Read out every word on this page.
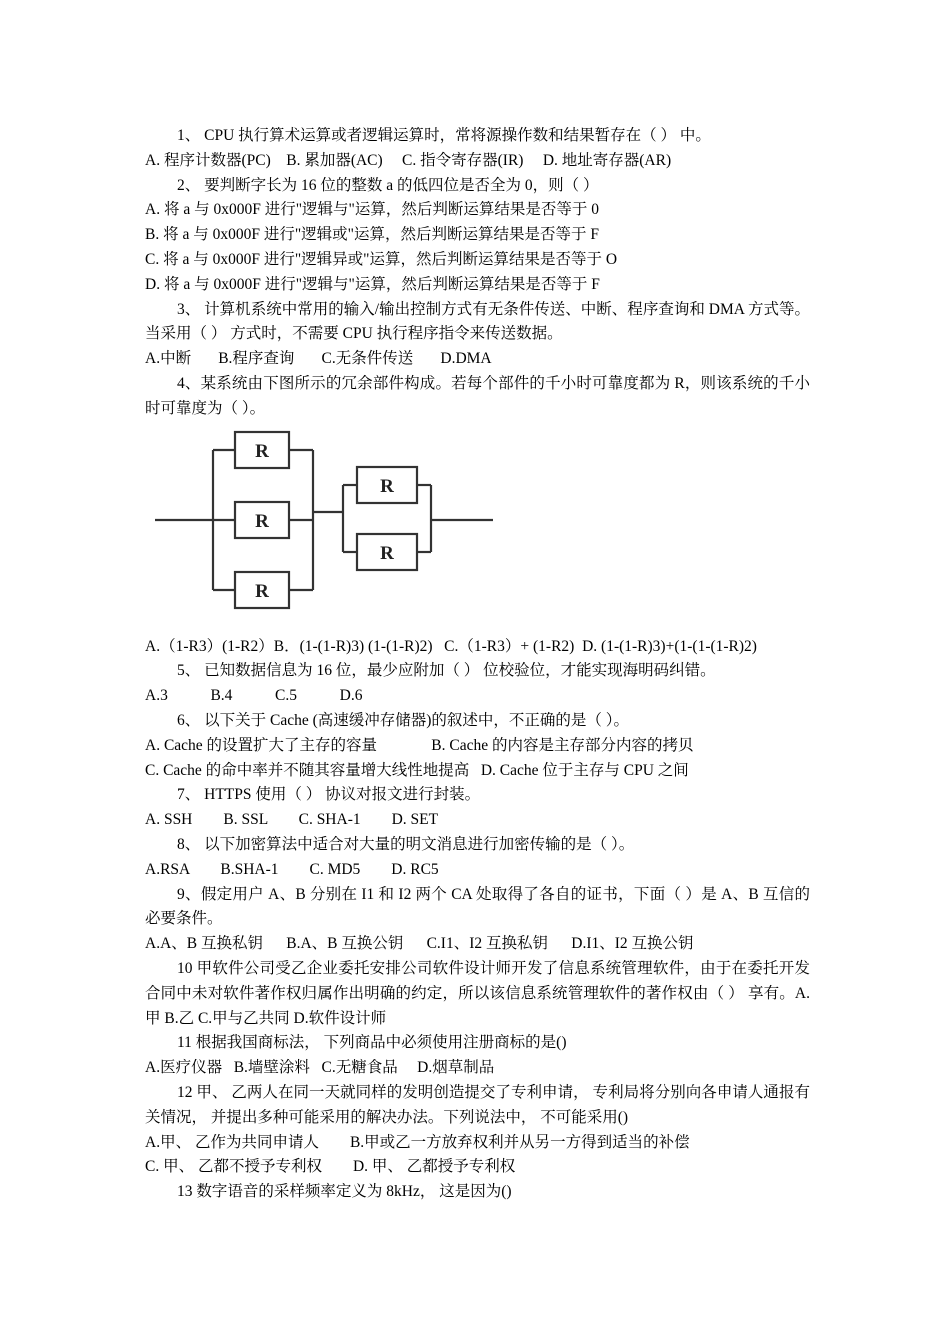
1、 CPU 执行算术运算或者逻辑运算时，常将源操作数和结果暂存在（ ） 中。
A. 程序计数器(PC)    B. 累加器(AC)     C. 指令寄存器(IR)     D. 地址寄存器(AR)
2、 要判断字长为 16 位的整数 a 的低四位是否全为 0，则（ ）
A. 将 a 与 0x000F 进行"逻辑与"运算，然后判断运算结果是否等于 0
B. 将 a 与 0x000F 进行"逻辑或"运算，然后判断运算结果是否等于 F
C. 将 a 与 0x000F 进行"逻辑异或"运算，然后判断运算结果是否等于 O
D. 将 a 与 0x000F 进行"逻辑与"运算，然后判断运算结果是否等于 F
3、 计算机系统中常用的输入/输出控制方式有无条件传送、中断、程序查询和 DMA 方式等。当采用（ ） 方式时，不需要 CPU 执行程序指令来传送数据。
A.中断       B.程序查询       C.无条件传送       D.DMA
4、某系统由下图所示的冗余部件构成。若每个部件的千小时可靠度都为 R，则该系统的千小时可靠度为（ ）。
R
R
R
R
R
A.（1-R3）(1-R2）B．(1-(1-R)3) (1-(1-R)2)   C.（1-R3）+ (1-R2)  D. (1-(1-R)3)+(1-(1-(1-R)2)
5、 已知数据信息为 16 位，最少应附加（ ） 位校验位，才能实现海明码纠错。
A.3           B.4           C.5           D.6
6、 以下关于 Cache (高速缓冲存储器)的叙述中，不正确的是（ ）。
A. Cache 的设置扩大了主存的容量              B. Cache 的内容是主存部分内容的拷贝
C. Cache 的命中率并不随其容量增大线性地提高   D. Cache 位于主存与 CPU 之间
7、 HTTPS 使用（ ） 协议对报文进行封装。
A. SSH        B. SSL        C. SHA-1        D. SET
8、 以下加密算法中适合对大量的明文消息进行加密传输的是（ ）。
A.RSA        B.SHA-1        C. MD5        D. RC5
9、假定用户 A、B 分别在 I1 和 I2 两个 CA 处取得了各自的证书，下面（ ）是 A、B 互信的必要条件。
A.A、B 互换私钥      B.A、B 互换公钥      C.I1、I2 互换私钥      D.I1、I2 互换公钥
10 甲软件公司受乙企业委托安排公司软件设计师开发了信息系统管理软件，由于在委托开发合同中未对软件著作权归属作出明确的约定，所以该信息系统管理软件的著作权由（ ） 享有。A.甲 B.乙 C.甲与乙共同 D.软件设计师
11 根据我国商标法， 下列商品中必须使用注册商标的是()
A.医疗仪器   B.墙壁涂料   C.无糖食品     D.烟草制品
12 甲、 乙两人在同一天就同样的发明创造提交了专利申请， 专利局将分别向各申请人通报有关情况， 并提出多种可能采用的解决办法。下列说法中， 不可能采用()
A.甲、 乙作为共同申请人        B.甲或乙一方放弃权利并从另一方得到适当的补偿
C. 甲、 乙都不授予专利权        D. 甲、 乙都授予专利权
13 数字语音的采样频率定义为 8kHz， 这是因为()
